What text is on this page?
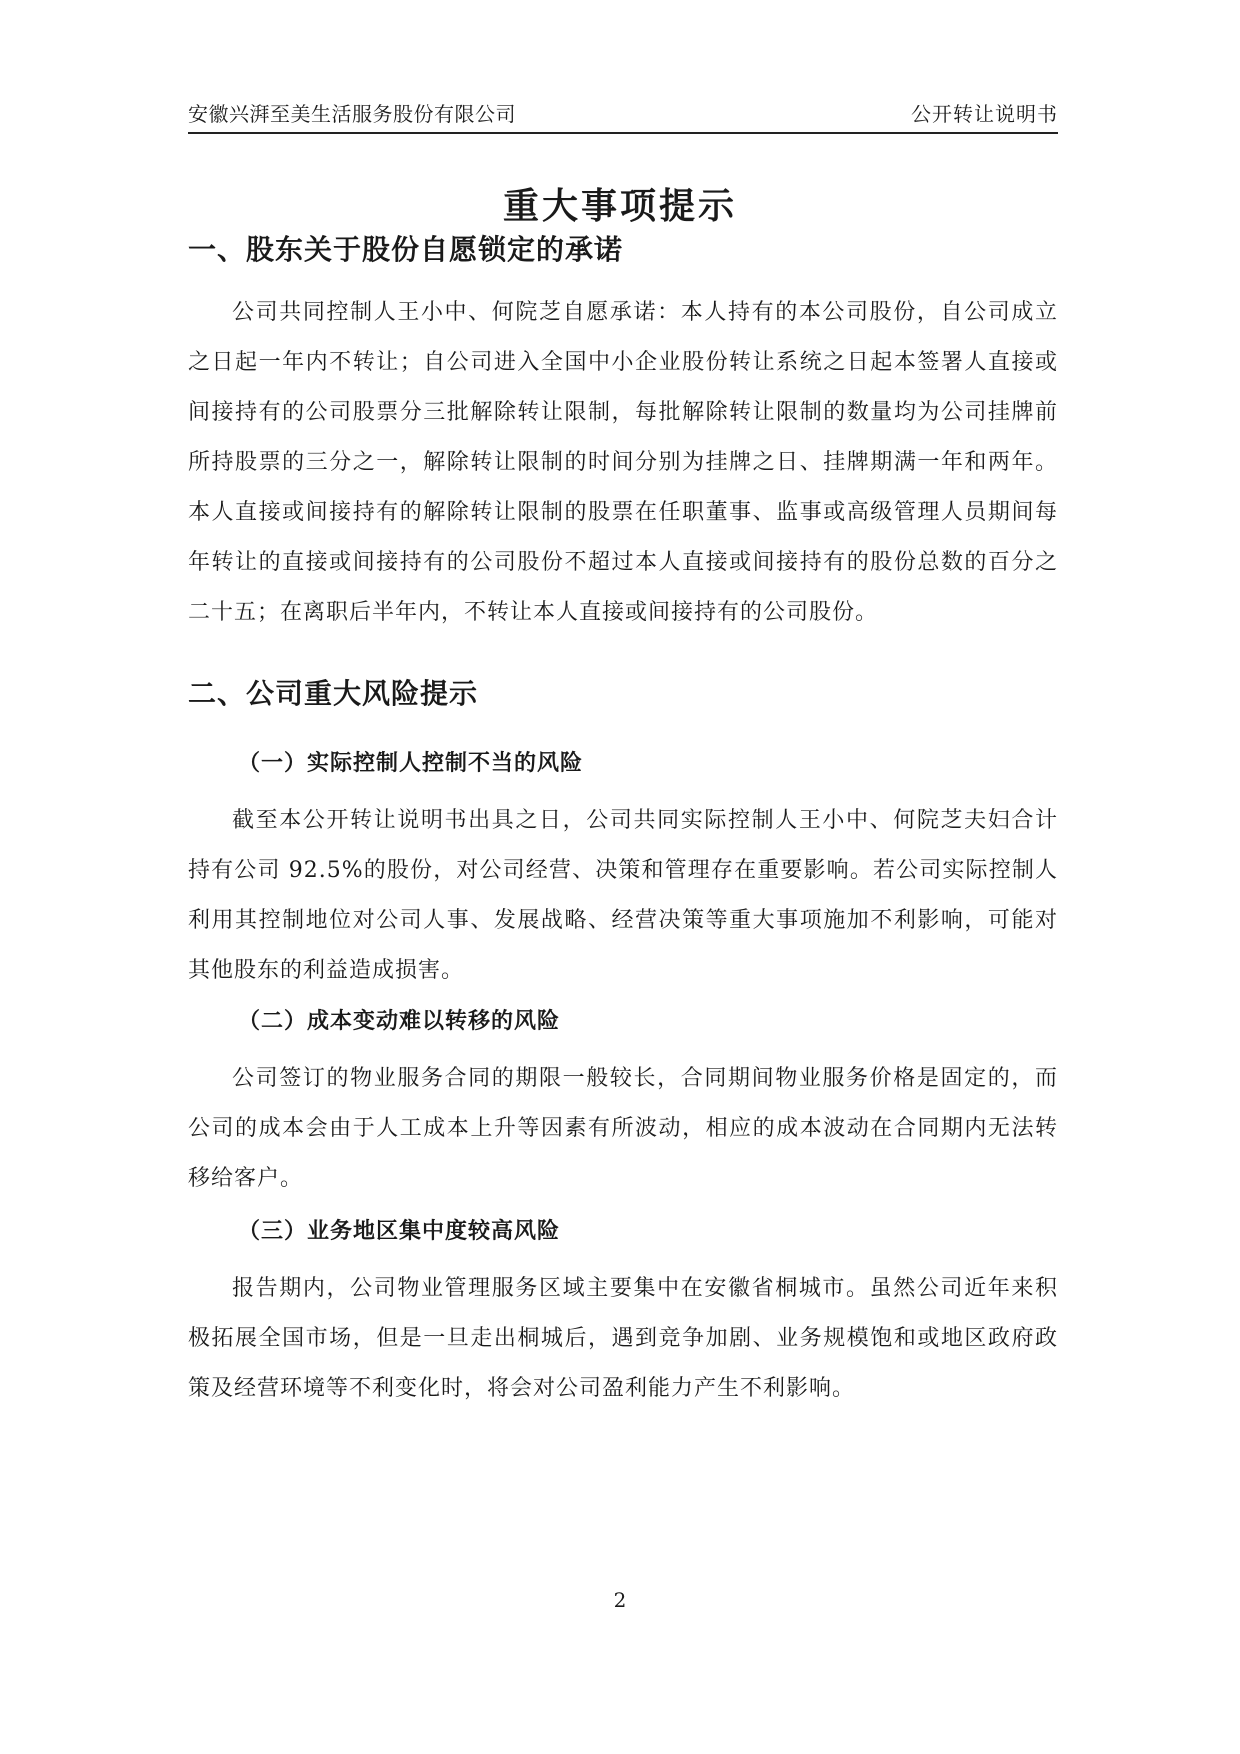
安徽兴湃至美生活服务股份有限公司	公开转让说明书
重大事项提示
一、股东关于股份自愿锁定的承诺
公司共同控制人王小中、何院芝自愿承诺：本人持有的本公司股份，自公司成立之日起一年内不转让；自公司进入全国中小企业股份转让系统之日起本签署人直接或间接持有的公司股票分三批解除转让限制，每批解除转让限制的数量均为公司挂牌前所持股票的三分之一，解除转让限制的时间分别为挂牌之日、挂牌期满一年和两年。本人直接或间接持有的解除转让限制的股票在任职董事、监事或高级管理人员期间每年转让的直接或间接持有的公司股份不超过本人直接或间接持有的股份总数的百分之二十五；在离职后半年内，不转让本人直接或间接持有的公司股份。
二、公司重大风险提示
（一）实际控制人控制不当的风险
截至本公开转让说明书出具之日，公司共同实际控制人王小中、何院芝夫妇合计持有公司 92.5%的股份，对公司经营、决策和管理存在重要影响。若公司实际控制人利用其控制地位对公司人事、发展战略、经营决策等重大事项施加不利影响，可能对其他股东的利益造成损害。
（二）成本变动难以转移的风险
公司签订的物业服务合同的期限一般较长，合同期间物业服务价格是固定的，而公司的成本会由于人工成本上升等因素有所波动，相应的成本波动在合同期内无法转移给客户。
（三）业务地区集中度较高风险
报告期内，公司物业管理服务区域主要集中在安徽省桐城市。虽然公司近年来积极拓展全国市场，但是一旦走出桐城后，遇到竞争加剧、业务规模饱和或地区政府政策及经营环境等不利变化时，将会对公司盈利能力产生不利影响。
2
